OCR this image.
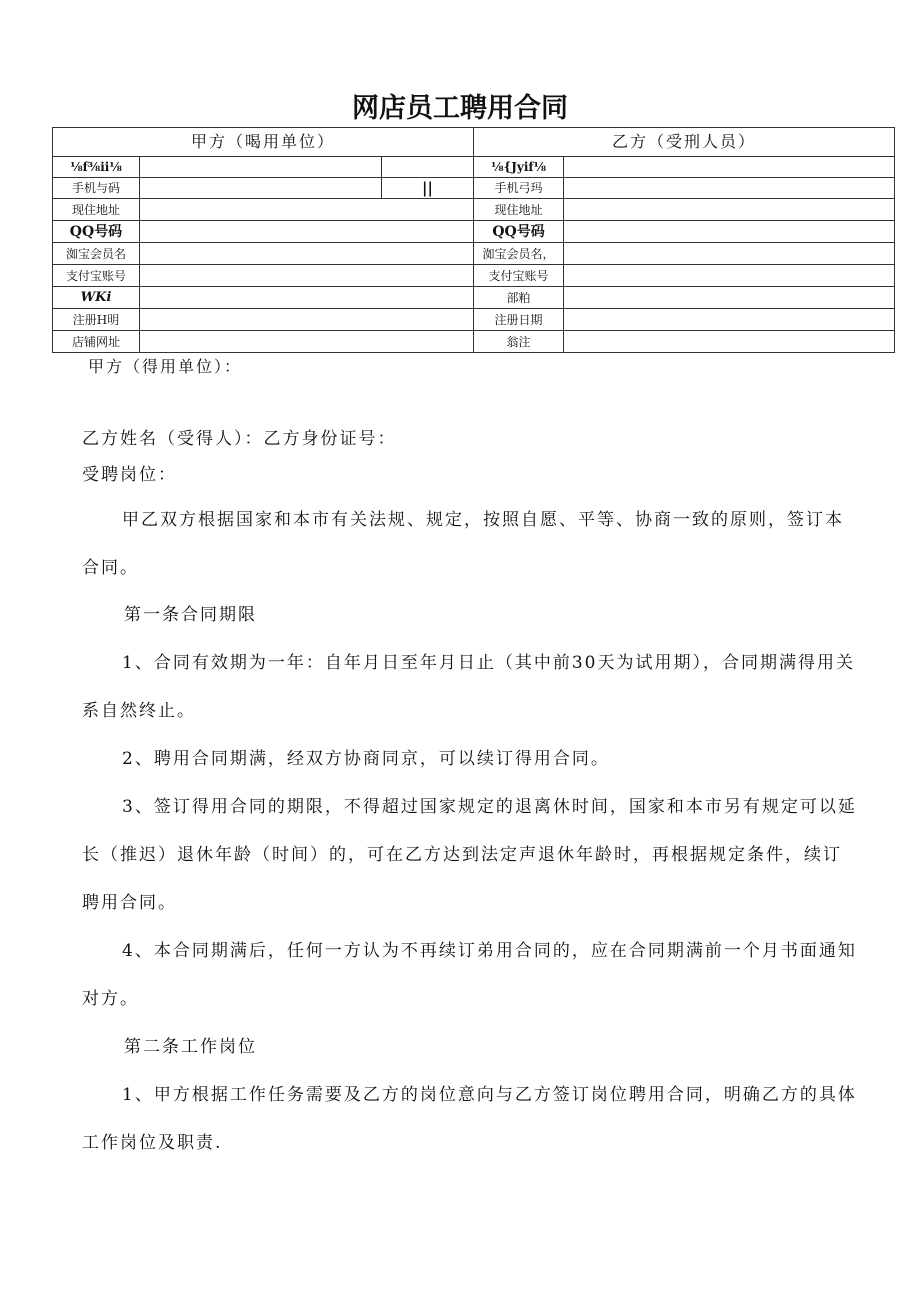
网店员工聘用合同
甲方（喝用单位）			乙方（受刑人员）	
⅛f⅜ii⅛			⅛{Jyif⅛	
手机与码		||	手机弓玛	
现住地址			现住地址	
QQ号码			QQ号码	
洳宝会员名			洳宝会员名，	
支付宝账号			支付宝账号	
WKi			部粕	
注册H明			注册日期	
店铺网址			翁注	
甲方（得用单位）：
乙方姓名（受得人）：乙方身份证号：
受聘岗位：
甲乙双方根据国家和本市有关法规、规定，按照自愿、平等、协商一致的原则，签订本
合同。
第一条合同期限
1、合同有效期为一年：自年月日至年月日止（其中前30天为试用期），合同期满得用关
系自然终止。
2、聘用合同期满，经双方协商同京，可以续订得用合同。
3、签订得用合同的期限，不得超过国家规定的退离休时间，国家和本市另有规定可以延
长（推迟）退休年龄（时间）的，可在乙方达到法定声退休年龄时，再根据规定条件，续订
聘用合同。
4、本合同期满后，任何一方认为不再续订弟用合同的，应在合同期满前一个月书面通知
对方。
第二条工作岗位
1、甲方根据工作任务需要及乙方的岗位意向与乙方签订岗位聘用合同，明确乙方的具体
工作岗位及职责.
